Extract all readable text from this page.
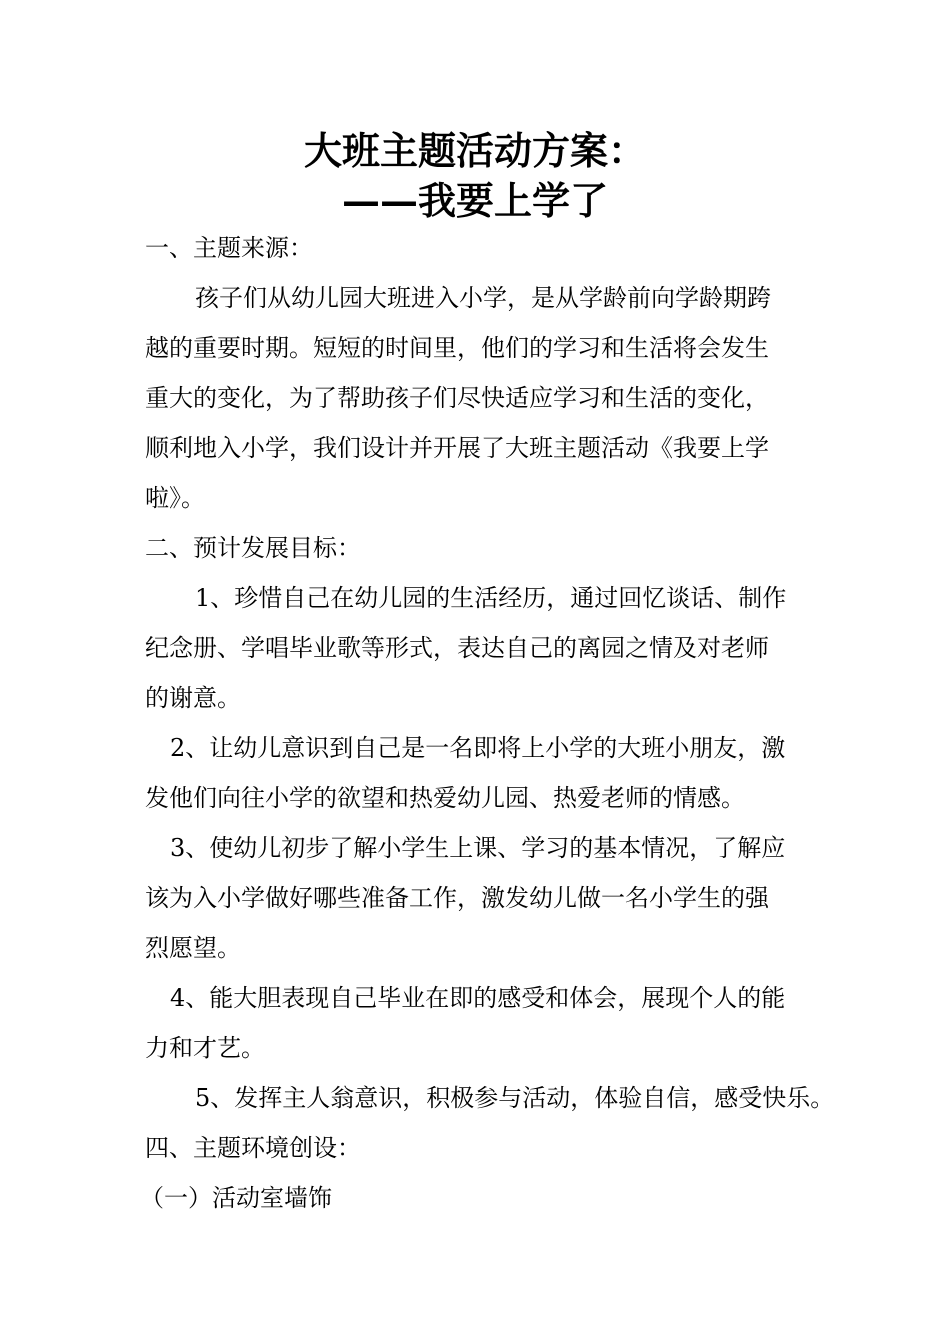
大班主题活动方案：
——我要上学了
一、主题来源：
孩子们从幼儿园大班进入小学，是从学龄前向学龄期跨
越的重要时期。短短的时间里，他们的学习和生活将会发生
重大的变化，为了帮助孩子们尽快适应学习和生活的变化，
顺利地入小学，我们设计并开展了大班主题活动《我要上学
啦》。
二、预计发展目标：
1、珍惜自己在幼儿园的生活经历，通过回忆谈话、制作
纪念册、学唱毕业歌等形式，表达自己的离园之情及对老师
的谢意。
2、让幼儿意识到自己是一名即将上小学的大班小朋友，激
发他们向往小学的欲望和热爱幼儿园、热爱老师的情感。
3、使幼儿初步了解小学生上课、学习的基本情况，了解应
该为入小学做好哪些准备工作，激发幼儿做一名小学生的强
烈愿望。
4、能大胆表现自己毕业在即的感受和体会，展现个人的能
力和才艺。
5、发挥主人翁意识，积极参与活动，体验自信，感受快乐。
四、主题环境创设：
（一）活动室墙饰
